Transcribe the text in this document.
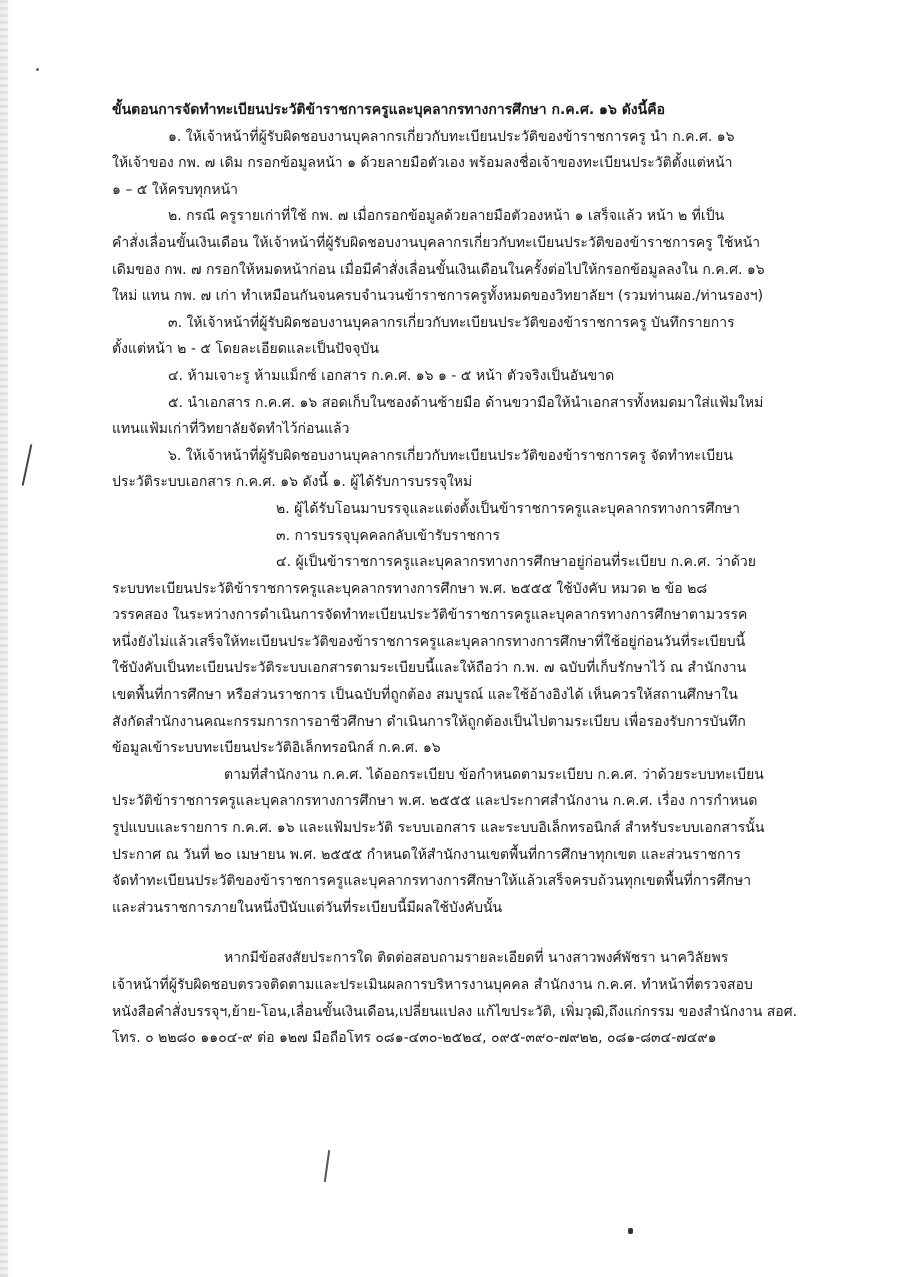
ขั้นตอนการจัดทำทะเบียนประวัติข้าราชการครูและบุคลากรทางการศึกษา ก.ค.ศ. ๑๖ ดังนี้คือ
๑. ให้เจ้าหน้าที่ผู้รับผิดชอบงานบุคลากรเกี่ยวกับทะเบียนประวัติของข้าราชการครู นำ ก.ค.ศ. ๑๖
ให้เจ้าของ กพ. ๗ เดิม กรอกข้อมูลหน้า ๑ ด้วยลายมือตัวเอง พร้อมลงชื่อเจ้าของทะเบียนประวัติตั้งแต่หน้า
๑ – ๕ ให้ครบทุกหน้า
๒. กรณี ครูรายเก่าที่ใช้ กพ. ๗ เมื่อกรอกข้อมูลด้วยลายมือตัวองหน้า ๑ เสร็จแล้ว หน้า ๒ ที่เป็น
คำสั่งเลื่อนขั้นเงินเดือน ให้เจ้าหน้าที่ผู้รับผิดชอบงานบุคลากรเกี่ยวกับทะเบียนประวัติของข้าราชการครู ใช้หน้า
เดิมของ กพ. ๗ กรอกให้หมดหน้าก่อน เมื่อมีคำสั่งเลื่อนขั้นเงินเดือนในครั้งต่อไปให้กรอกข้อมูลลงใน ก.ค.ศ. ๑๖
ใหม่ แทน กพ. ๗ เก่า ทำเหมือนกันจนครบจำนวนข้าราชการครูทั้งหมดของวิทยาลัยฯ (รวมท่านผอ./ท่านรองฯ)
๓. ให้เจ้าหน้าที่ผู้รับผิดชอบงานบุคลากรเกี่ยวกับทะเบียนประวัติของข้าราชการครู บันทึกรายการ
ตั้งแต่หน้า ๒ - ๕ โดยละเอียดและเป็นปัจจุบัน
๔. ห้ามเจาะรู ห้ามแม็กซ์ เอกสาร ก.ค.ศ. ๑๖ ๑ - ๕ หน้า ตัวจริงเป็นอันขาด
๕. นำเอกสาร ก.ค.ศ. ๑๖ สอดเก็บในซองด้านซ้ายมือ ด้านขวามือให้นำเอกสารทั้งหมดมาใส่แฟ้มใหม่
แทนแฟ้มเก่าที่วิทยาลัยจัดทำไว้ก่อนแล้ว
๖. ให้เจ้าหน้าที่ผู้รับผิดชอบงานบุคลากรเกี่ยวกับทะเบียนประวัติของข้าราชการครู จัดทำทะเบียน
ประวัติระบบเอกสาร ก.ค.ศ. ๑๖ ดังนี้ ๑. ผู้ได้รับการบรรจุใหม่
๒. ผู้ได้รับโอนมาบรรจุและแต่งตั้งเป็นข้าราชการครูและบุคลากรทางการศึกษา
๓. การบรรจุบุคคลกลับเข้ารับราชการ
๔. ผู้เป็นข้าราชการครูและบุคลากรทางการศึกษาอยู่ก่อนที่ระเบียบ ก.ค.ศ. ว่าด้วย
ระบบทะเบียนประวัติข้าราชการครูและบุคลากรทางการศึกษา พ.ศ. ๒๕๕๕ ใช้บังคับ หมวด ๒ ข้อ ๒๘
วรรคสอง ในระหว่างการดำเนินการจัดทำทะเบียนประวัติข้าราชการครูและบุคลากรทางการศึกษาตามวรรค
หนึ่งยังไม่แล้วเสร็จให้ทะเบียนประวัติของข้าราชการครูและบุคลากรทางการศึกษาที่ใช้อยู่ก่อนวันที่ระเบียบนี้
ใช้บังคับเป็นทะเบียนประวัติระบบเอกสารตามระเบียบนี้และให้ถือว่า ก.พ. ๗ ฉบับที่เก็บรักษาไว้ ณ สำนักงาน
เขตพื้นที่การศึกษา หรือส่วนราชการ เป็นฉบับที่ถูกต้อง สมบูรณ์ และใช้อ้างอิงได้ เห็นควรให้สถานศึกษาใน
สังกัดสำนักงานคณะกรรมการการอาชีวศึกษา ดำเนินการให้ถูกต้องเป็นไปตามระเบียบ เพื่อรองรับการบันทึก
ข้อมูลเข้าระบบทะเบียนประวัติอิเล็กทรอนิกส์ ก.ค.ศ. ๑๖
ตามที่สำนักงาน ก.ค.ศ. ได้ออกระเบียบ ข้อกำหนดตามระเบียบ ก.ค.ศ. ว่าด้วยระบบทะเบียน
ประวัติข้าราชการครูและบุคลากรทางการศึกษา พ.ศ. ๒๕๕๕ และประกาศสำนักงาน ก.ค.ศ. เรื่อง การกำหนด
รูปแบบและรายการ ก.ค.ศ. ๑๖ และแฟ้มประวัติ ระบบเอกสาร และระบบอิเล็กทรอนิกส์ สำหรับระบบเอกสารนั้น
ประกาศ ณ วันที่ ๒๐ เมษายน พ.ศ. ๒๕๕๕ กำหนดให้สำนักงานเขตพื้นที่การศึกษาทุกเขต และส่วนราชการ
จัดทำทะเบียนประวัติของข้าราชการครูและบุคลากรทางการศึกษาให้แล้วเสร็จครบถ้วนทุกเขตพื้นที่การศึกษา
และส่วนราชการภายในหนึ่งปีนับแต่วันที่ระเบียบนี้มีผลใช้บังคับนั้น
หากมีข้อสงสัยประการใด ติดต่อสอบถามรายละเอียดที่ นางสาวพงศ์พัชรา นาควิลัยพร
เจ้าหน้าที่ผู้รับผิดชอบตรวจติดตามและประเมินผลการบริหารงานบุคคล สำนักงาน ก.ค.ศ. ทำหน้าที่ตรวจสอบ
หนังสือคำสั่งบรรจุฯ,ย้าย-โอน,เลื่อนขั้นเงินเดือน,เปลี่ยนแปลง แก้ไขประวัติ, เพิ่มวุฒิ,ถึงแก่กรรม ของสำนักงาน สอศ.
โทร. ๐ ๒๒๘๐ ๑๑๐๔-๙ ต่อ ๑๒๗ มือถือโทร ๐๘๑-๔๓๐-๒๕๒๔, ๐๙๕-๓๙๐-๗๙๒๒, ๐๘๑-๘๓๔-๗๔๙๑
